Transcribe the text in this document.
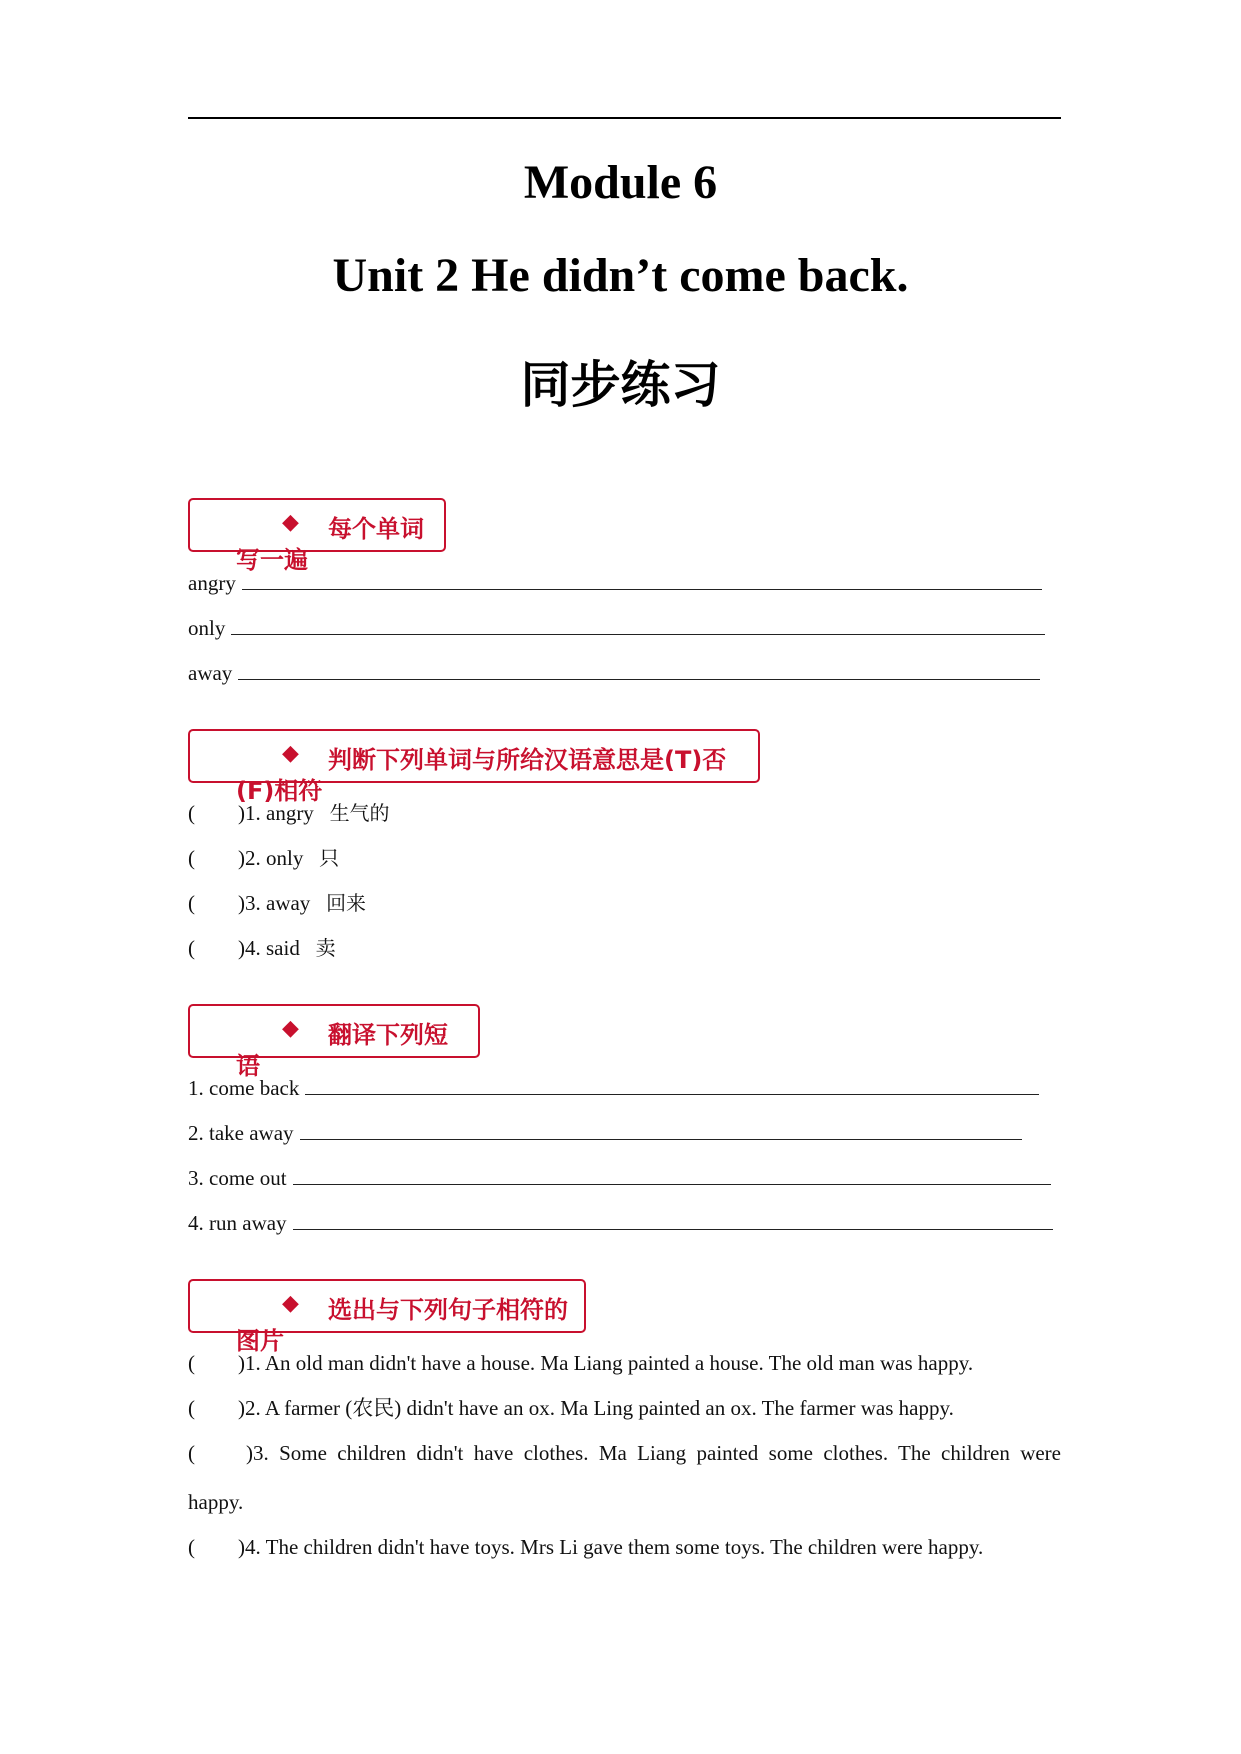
Module 6
Unit 2 He didn’t come back.
同步练习
◆ 每个单词
写一遍
angry
only
away
◆ 判断下列单词与所给汉语意思是(T)否
(F)相符
( )1. angry 生气的
( )2. only 只
( )3. away 回来
( )4. said 卖
◆ 翻译下列短
语
1. come back
2. take away
3. come out
4. run away
◆ 选出与下列句子相符的
图片
( )1. An old man didn't have a house. Ma Liang painted a house. The old man was happy.
( )2. A farmer (农民) didn't have an ox. Ma Ling painted an ox. The farmer was happy.
( )3. Some children didn't have clothes. Ma Liang painted some clothes. The children were
happy.
( )4. The children didn't have toys. Mrs Li gave them some toys. The children were happy.
